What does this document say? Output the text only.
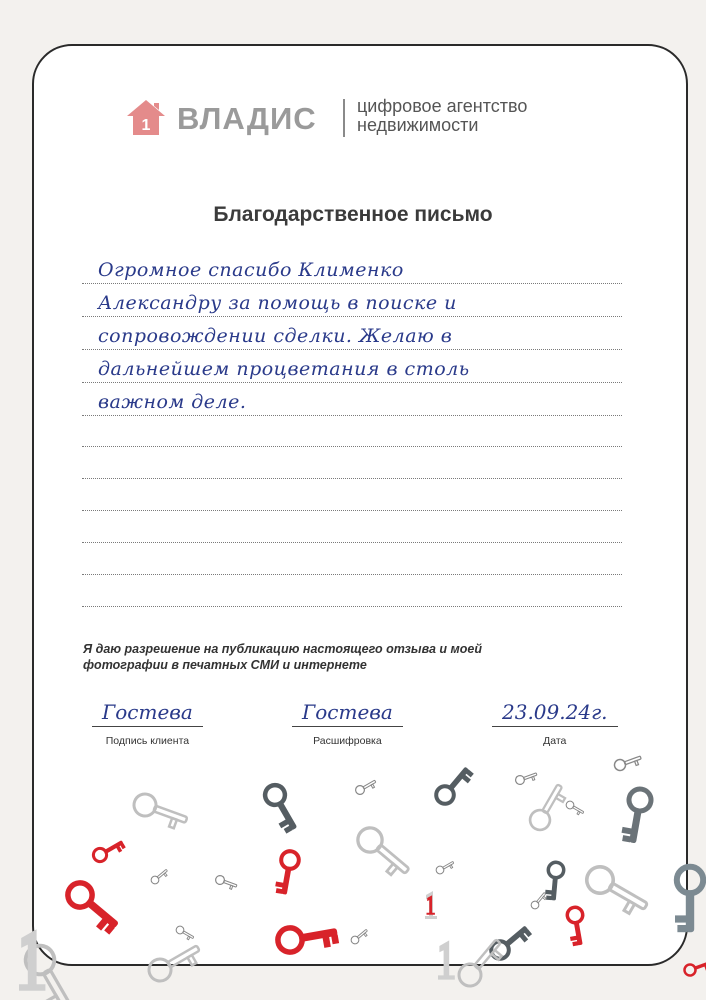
1 ВЛАДИС цифровое агентство
недвижимости
Благодарственное письмо
Огромное спасибо Клименко
Александру за помощь в поиске и
сопровождении сделки. Желаю в
дальнейшем процветания в столь
важном деле.
Я даю разрешение на публикацию настоящего отзыва и моей фотографии в печатных СМИ и интернете
Гостева
Подпись клиента
Гостева
Расшифровка
23.09.24г.
Дата
